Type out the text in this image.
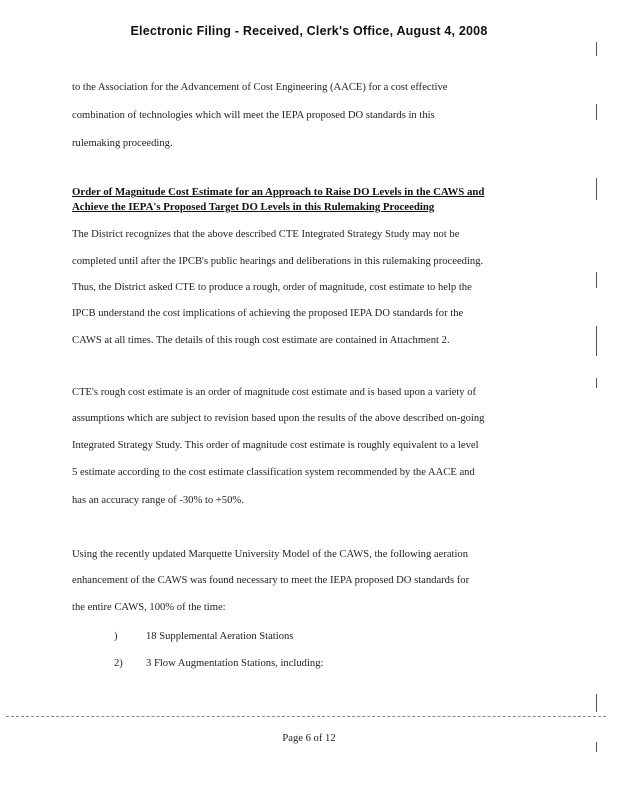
Electronic Filing - Received, Clerk's Office, August 4, 2008
to the Association for the Advancement of Cost Engineering (AACE) for a cost effective
combination of technologies which will meet the IEPA proposed DO standards in this
rulemaking proceeding.
Order of Magnitude Cost Estimate for an Approach to Raise DO Levels in the CAWS and
Achieve the IEPA's Proposed Target DO Levels in this Rulemaking Proceeding
The District recognizes that the above described CTE Integrated Strategy Study may not be
completed until after the IPCB's public hearings and deliberations in this rulemaking proceeding.
Thus, the District asked CTE to produce a rough, order of magnitude, cost estimate to help the
IPCB understand the cost implications of achieving the proposed IEPA DO standards for the
CAWS at all times. The details of this rough cost estimate are contained in Attachment 2.
CTE's rough cost estimate is an order of magnitude cost estimate and is based upon a variety of
assumptions which are subject to revision based upon the results of the above described on-going
Integrated Strategy Study. This order of magnitude cost estimate is roughly equivalent to a level
5 estimate according to the cost estimate classification system recommended by the AACE and
has an accuracy range of -30% to +50%.
Using the recently updated Marquette University Model of the CAWS, the following aeration
enhancement of the CAWS was found necessary to meet the IEPA proposed DO standards for
the entire CAWS, 100% of the time:
)	18 Supplemental Aeration Stations
2) 3 Flow Augmentation Stations, including:
Page 6 of 12
